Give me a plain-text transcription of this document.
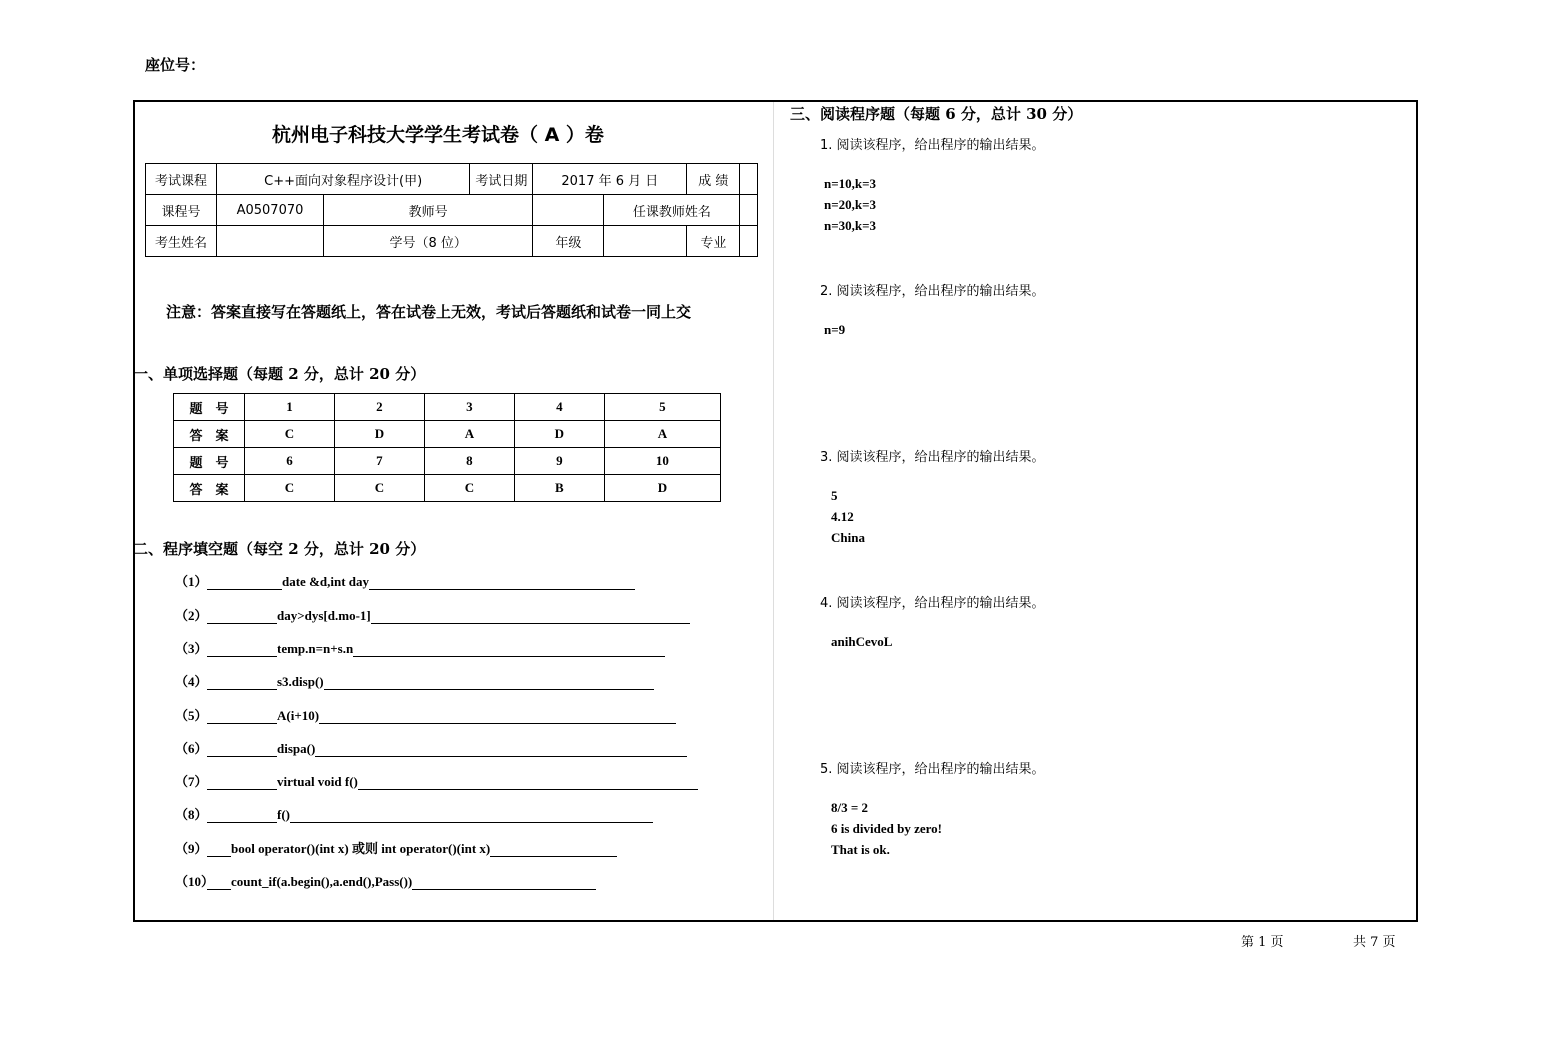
座位号：
杭州电子科技大学学生考试卷（ A ）卷
考试课程	C++面向对象程序设计(甲)		考试日期	2017 年 6 月 日		成 绩	
课程号	A0507070	教师号			任课教师姓名		
考生姓名		学号（8 位）		年级		专业	
注意：答案直接写在答题纸上，答在试卷上无效，考试后答题纸和试卷一同上交
一、单项选择题（每题 2 分，总计 20 分）
题　号	1	2	3	4	5
答　案	C	D	A	D	A
题　号	6	7	8	9	10
答　案	C	C	C	B	D
二、程序填空题（每空 2 分，总计 20 分）
（1）	date &d,int day
（2）	day>dys[d.mo-1]
（3）	temp.n=n+s.n
（4）	s3.disp()
（5）	A(i+10)
（6）	dispa()
（7）	virtual void f()
（8）	f()
（9） bool operator()(int x) 或则 int operator()(int x)
（10） count_if(a.begin(),a.end(),Pass())
三、阅读程序题（每题 6 分，总计 30 分）
1. 阅读该程序，给出程序的输出结果。
n=10,k=3
n=20,k=3
n=30,k=3
2. 阅读该程序，给出程序的输出结果。
n=9
3. 阅读该程序，给出程序的输出结果。
5
4.12
China
4. 阅读该程序，给出程序的输出结果。
anihCevoL
5. 阅读该程序，给出程序的输出结果。
8/3 = 2
6 is divided by zero!
That is ok.
第 1 页	共 7 页
